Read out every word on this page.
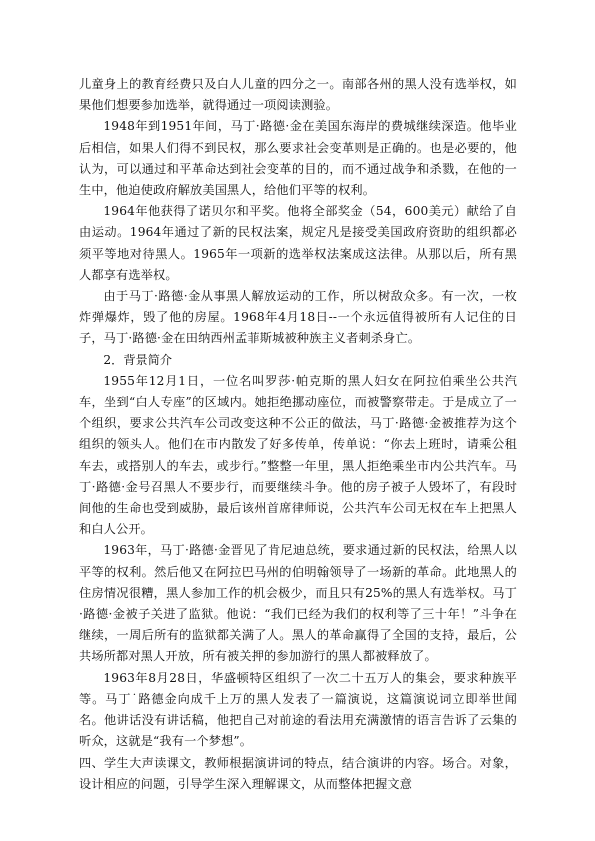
儿童身上的教育经费只及白人儿童的四分之一。南部各州的黑人没有选举权，如果他们想要参加选举，就得通过一项阅读测验。

1948年到1951年间，马丁·路德·金在美国东海岸的费城继续深造。他毕业后相信，如果人们得不到民权，那么要求社会变革则是正确的。也是必要的，他认为，可以通过和平革命达到社会变革的目的，而不通过战争和杀戮，在他的一生中，他迫使政府解放美国黑人，给他们平等的权利。

1964年他获得了诺贝尔和平奖。他将全部奖金（54，600美元）献给了自由运动。1964年通过了新的民权法案，规定凡是接受美国政府资助的组织都必须平等地对待黑人。1965年一项新的选举权法案成这法律。从那以后，所有黑人都享有选举权。

由于马丁·路德·金从事黑人解放运动的工作，所以树敌众多。有一次，一枚炸弹爆炸，毁了他的房屋。1968年4月18日--一个永远值得被所有人记住的日子，马丁·路德·金在田纳西州孟菲斯城被种族主义者刺杀身亡。

2．背景简介

1955年12月1日，一位名叫罗莎·帕克斯的黑人妇女在阿拉伯乘坐公共汽车，坐到“白人专座”的区域内。她拒绝挪动座位，而被警察带走。于是成立了一个组织，要求公共汽车公司改变这种不公正的做法，马丁·路德·金被推荐为这个组织的领头人。他们在市内散发了好多传单，传单说：“你去上班时，请乘公租车去，或搭别人的车去，或步行。”整整一年里，黑人拒绝乘坐市内公共汽车。马丁·路德·金号召黑人不要步行，而要继续斗争。他的房子被子人毁坏了，有段时间他的生命也受到威胁，最后该州首席律师说，公共汽车公司无权在车上把黑人和白人公开。

1963年，马丁·路德·金晋见了肯尼迪总统，要求通过新的民权法，给黑人以平等的权利。然后他又在阿拉巴马州的伯明翰领导了一场新的革命。此地黑人的住房情况很糟，黑人参加工作的机会极少，而且只有25%的黑人有选举权。马丁·路德·金被子关进了监狱。他说：“我们已经为我们的权利等了三十年！”斗争在继续，一周后所有的监狱都关满了人。黑人的革命赢得了全国的支持，最后，公共场所都对黑人开放，所有被关押的参加游行的黑人都被释放了。

1963年8月28日，华盛顿特区组织了一次二十五万人的集会，要求种族平等。马丁˙路德金向成千上万的黑人发表了一篇演说，这篇演说词立即举世闻名。他讲话没有讲话稿，他把自己对前途的看法用充满激情的语言告诉了云集的听众，这就是“我有一个梦想”。

四、学生大声读课文，教师根据演讲词的特点，结合演讲的内容。场合。对象，设计相应的问题，引导学生深入理解课文，从而整体把握文意
